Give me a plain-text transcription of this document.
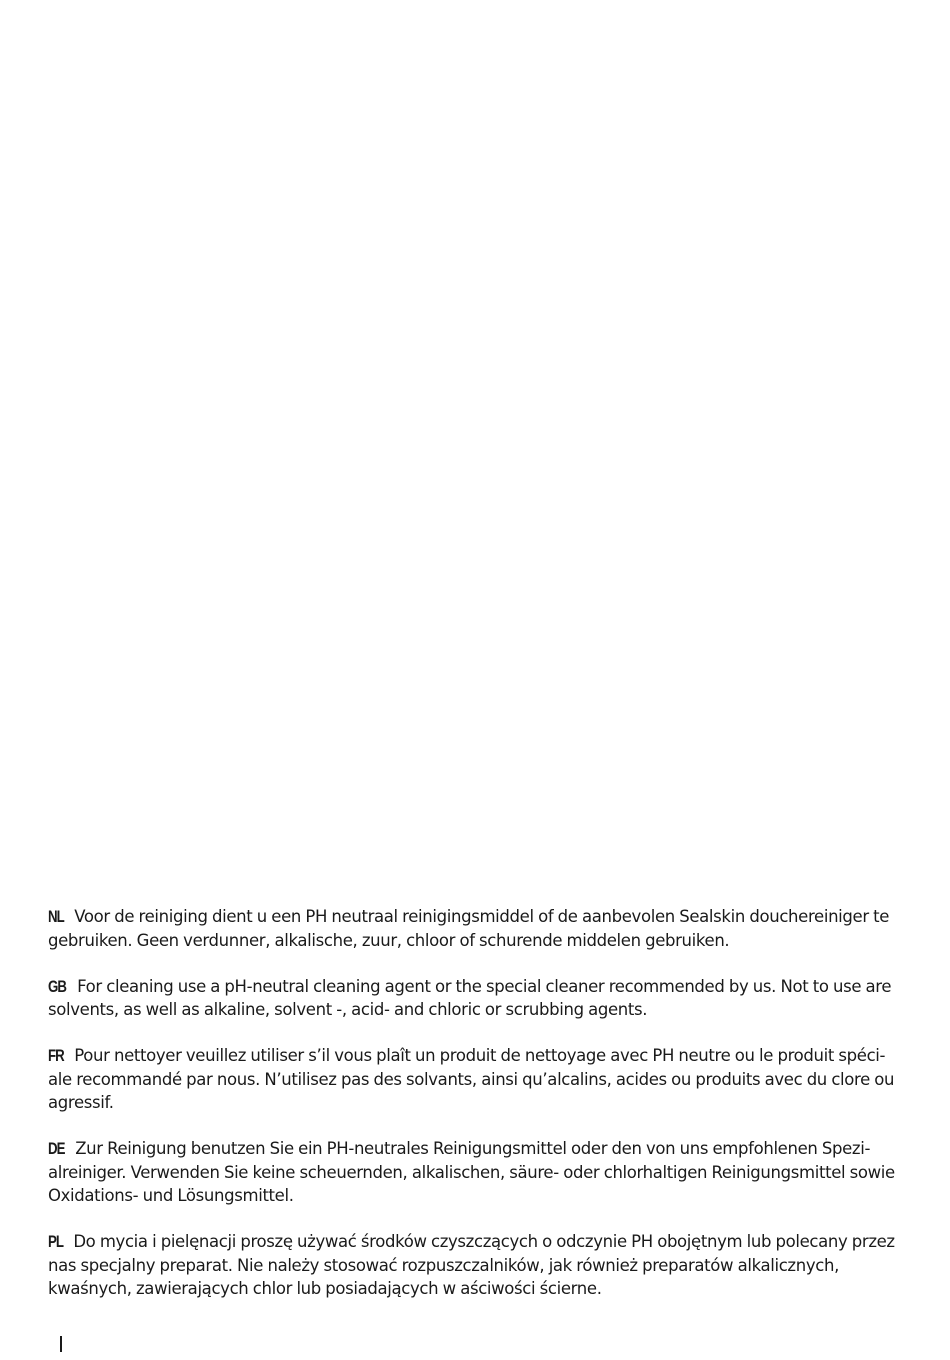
NL Voor de reiniging dient u een PH neutraal reinigingsmiddel of de aanbevolen Sealskin douchereiniger te gebruiken. Geen verdunner, alkalische, zuur, chloor of schurende middelen gebruiken.

GB For cleaning use a pH-neutral cleaning agent or the special cleaner recommended by us. Not to use are solvents, as well as alkaline, solvent -, acid- and chloric or scrubbing agents.

FR Pour nettoyer veuillez utiliser s’il vous plaît un produit de nettoyage avec PH neutre ou le produit spéci-ale recommandé par nous. N’utilisez pas des solvants, ainsi qu’alcalins, acides ou produits avec du clore ou agressif.

DE Zur Reinigung benutzen Sie ein PH-neutrales Reinigungsmittel oder den von uns empfohlenen Spezi-alreiniger. Verwenden Sie keine scheuernden, alkalischen, säure- oder chlorhaltigen Reinigungsmittel sowie Oxidations- und Lösungsmittel.

PL Do mycia i pielęnacji proszę używać środków czyszczących o odczynie PH obojętnym lub polecany przez nas specjalny preparat. Nie należy stosować rozpuszczalników, jak również preparatów alkalicznych, kwaśnych, zawierających chlor lub posiadających w aściwości ścierne.
